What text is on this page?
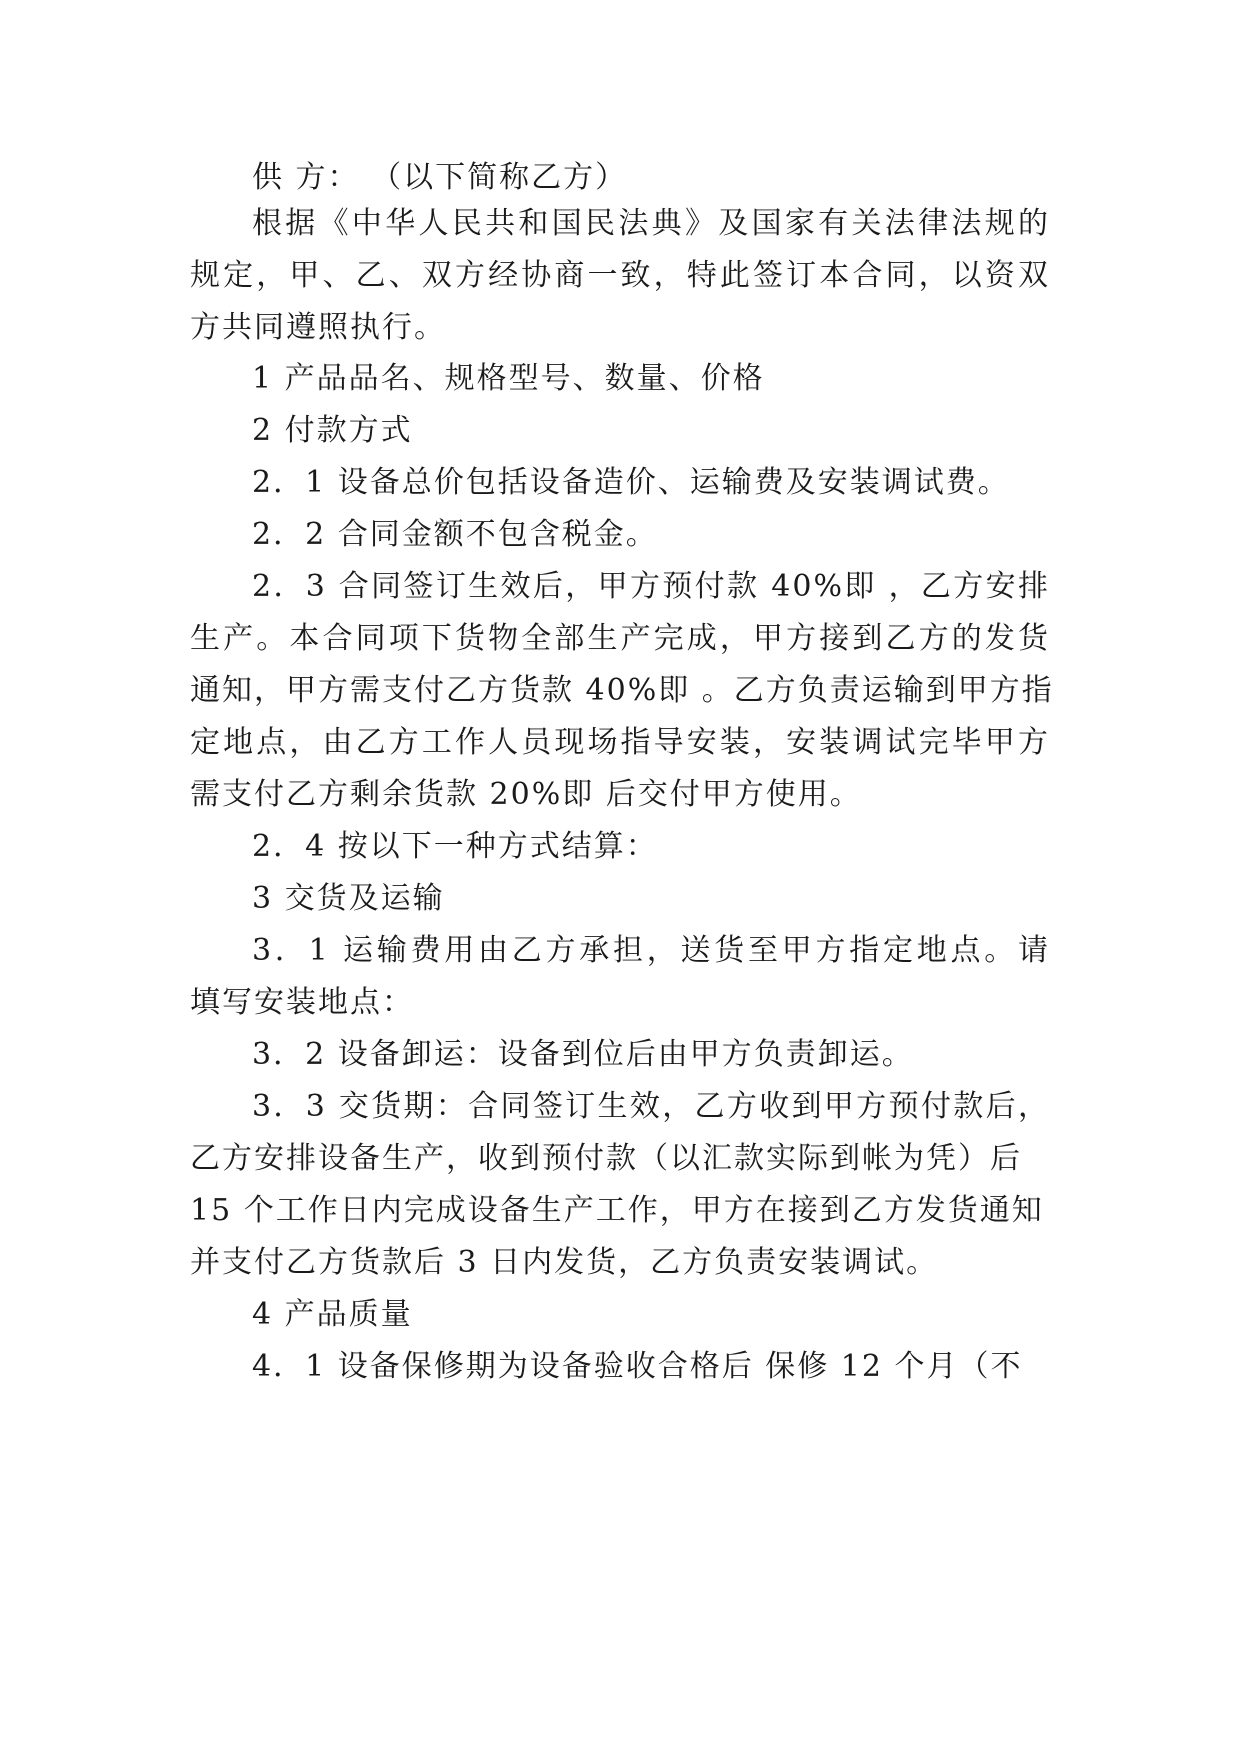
供 方： （以下简称乙方）
根据《中华人民共和国民法典》及国家有关法律法规的
规定，甲、乙、双方经协商一致，特此签订本合同，以资双
方共同遵照执行。
1 产品品名、规格型号、数量、价格
2 付款方式
2．1 设备总价包括设备造价、运输费及安装调试费。
2．2 合同金额不包含税金。
2．3 合同签订生效后，甲方预付款 40%即 ，乙方安排
生产。本合同项下货物全部生产完成，甲方接到乙方的发货
通知，甲方需支付乙方货款 40%即 。乙方负责运输到甲方指
定地点，由乙方工作人员现场指导安装，安装调试完毕甲方
需支付乙方剩余货款 20%即 后交付甲方使用。
2．4 按以下一种方式结算：
3 交货及运输
3．1 运输费用由乙方承担，送货至甲方指定地点。请
填写安装地点：
3．2 设备卸运：设备到位后由甲方负责卸运。
3．3 交货期：合同签订生效，乙方收到甲方预付款后，
乙方安排设备生产，收到预付款（以汇款实际到帐为凭）后
15 个工作日内完成设备生产工作，甲方在接到乙方发货通知
并支付乙方货款后 3 日内发货，乙方负责安装调试。
4 产品质量
4．1 设备保修期为设备验收合格后 保修 12 个月（不
